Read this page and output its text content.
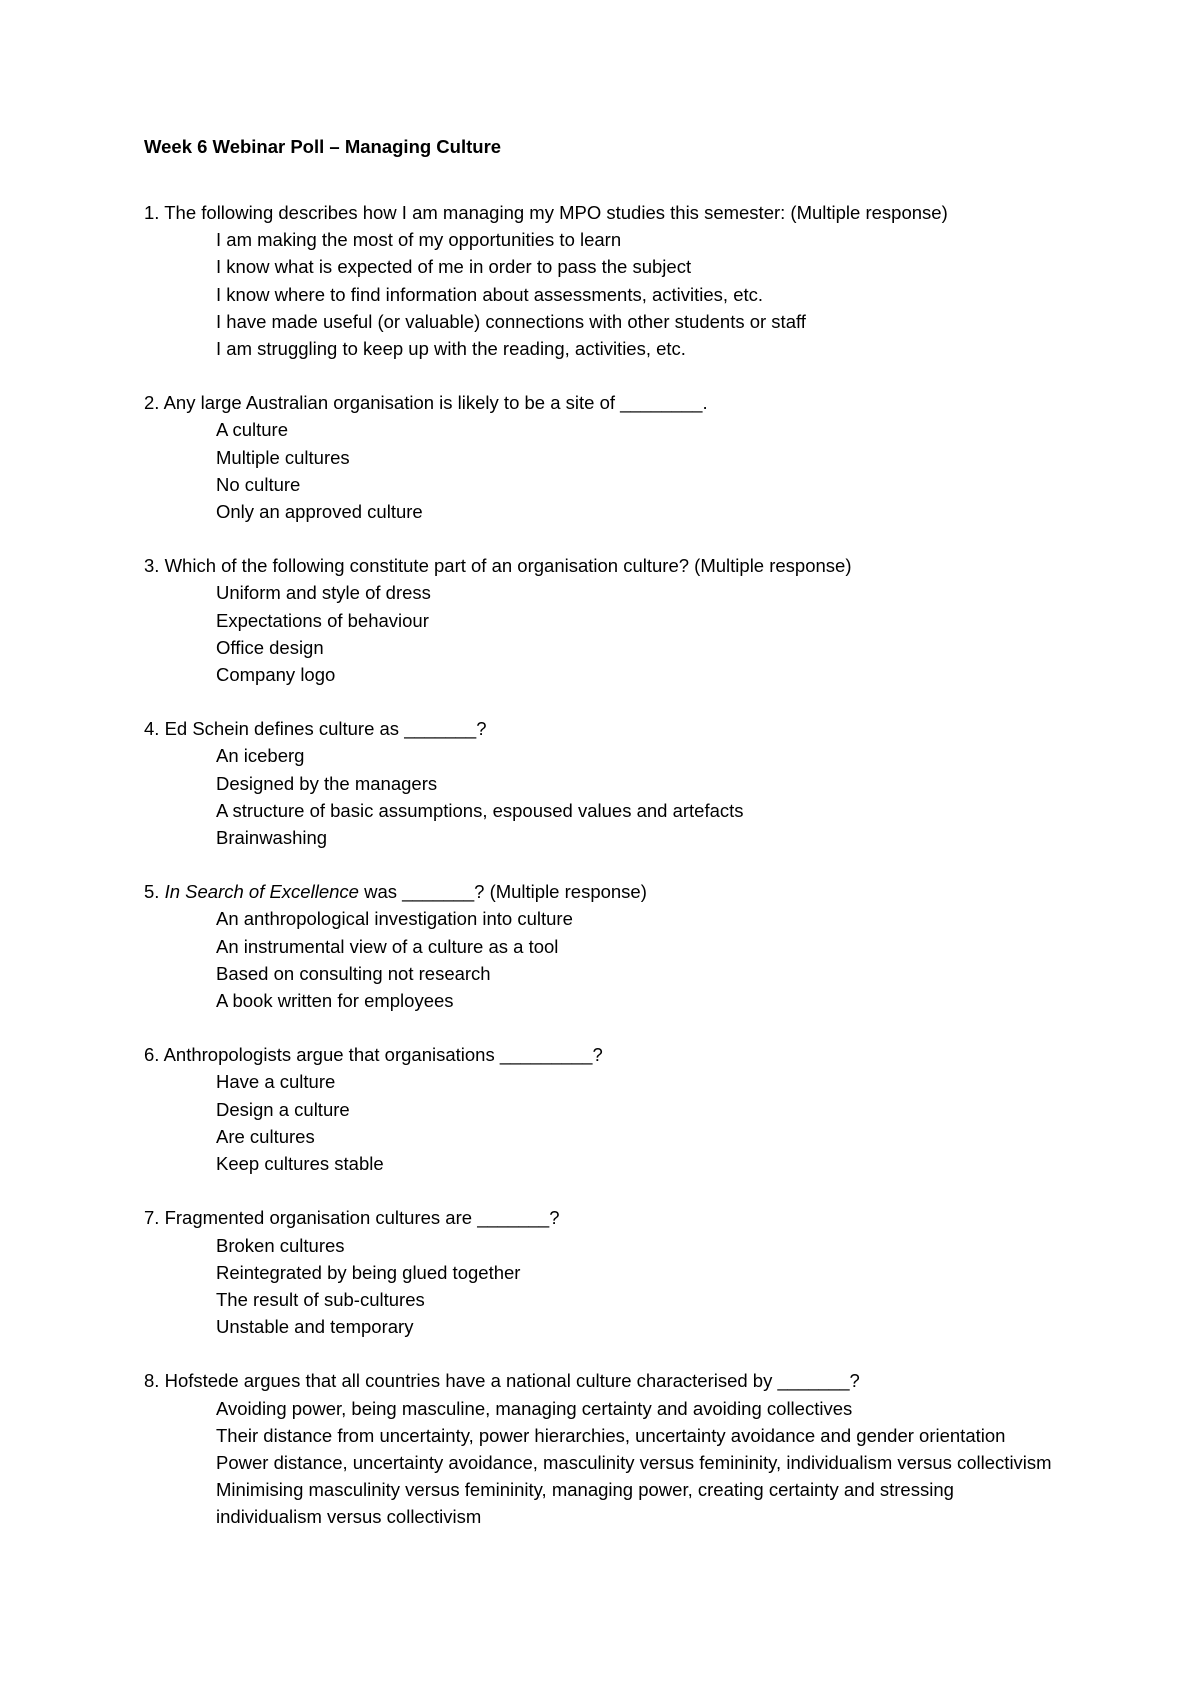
Week 6 Webinar Poll – Managing Culture
1. The following describes how I am managing my MPO studies this semester: (Multiple response)
I am making the most of my opportunities to learn
I know what is expected of me in order to pass the subject
I know where to find information about assessments, activities, etc.
I have made useful (or valuable) connections with other students or staff
I am struggling to keep up with the reading, activities, etc.
2. Any large Australian organisation is likely to be a site of ________.
A culture
Multiple cultures
No culture
Only an approved culture
3. Which of the following constitute part of an organisation culture? (Multiple response)
Uniform and style of dress
Expectations of behaviour
Office design
Company logo
4. Ed Schein defines culture as _______?
An iceberg
Designed by the managers
A structure of basic assumptions, espoused values and artefacts
Brainwashing
5. In Search of Excellence was _______? (Multiple response)
An anthropological investigation into culture
An instrumental view of a culture as a tool
Based on consulting not research
A book written for employees
6. Anthropologists argue that organisations _________?
Have a culture
Design a culture
Are cultures
Keep cultures stable
7. Fragmented organisation cultures are _______?
Broken cultures
Reintegrated by being glued together
The result of sub-cultures
Unstable and temporary
8. Hofstede argues that all countries have a national culture characterised by _______?
Avoiding power, being masculine, managing certainty and avoiding collectives
Their distance from uncertainty, power hierarchies, uncertainty avoidance and gender orientation
Power distance, uncertainty avoidance, masculinity versus femininity, individualism versus collectivism
Minimising masculinity versus femininity, managing power, creating certainty and stressing individualism versus collectivism
